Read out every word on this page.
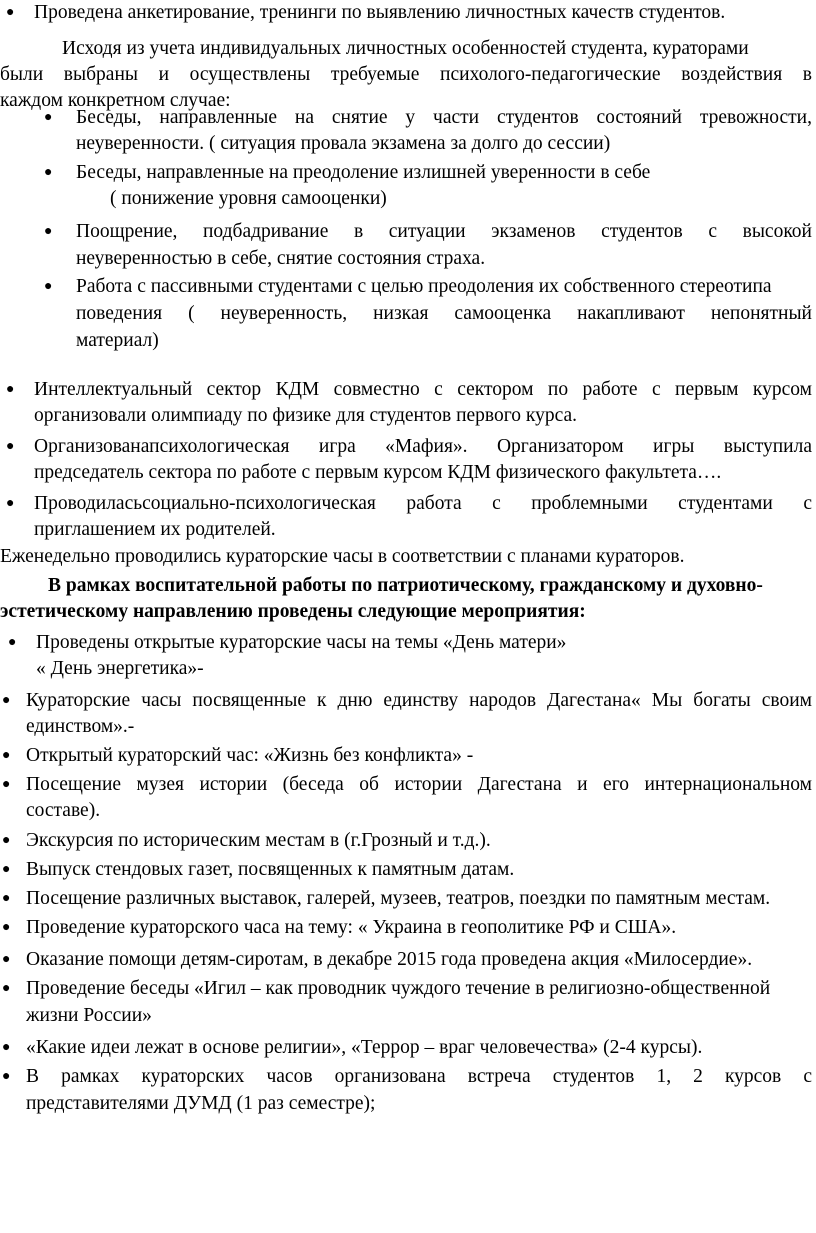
● Проведена анкетирование, тренинги по выявлению личностных качеств студентов.
Исходя из учета индивидуальных личностных особенностей студента, кураторами
были выбраны и осуществлены требуемые психолого-педагогические воздействия в
каждом конкретном случае:
● Беседы, направленные на снятие у части студентов состояний тревожности,
неуверенности. ( ситуация провала экзамена за долго до сессии)
● Беседы, направленные на преодоление излишней уверенности в себе
( понижение уровня самооценки)
● Поощрение, подбадривание в ситуации экзаменов студентов с высокой
неуверенностью в себе, снятие состояния страха.
● Работа с пассивными студентами с целью преодоления их собственного стереотипа
поведения ( неуверенность, низкая самооценка накапливают непонятный
материал)
● Интеллектуальный сектор КДМ совместно с сектором по работе с первым курсом
организовали олимпиаду по физике для студентов первого курса.
● Организованапсихологическая игра «Мафия». Организатором игры выступила
председатель сектора по работе с первым курсом КДМ физического факультета….
● Проводиласьсоциально-психологическая работа с проблемными студентами с
приглашением их родителей.
Еженедельно проводились кураторские часы в соответствии с планами кураторов.
В рамках воспитательной работы по патриотическому, гражданскому и духовно-
эстетическому направлению проведены следующие мероприятия:
● Проведены открытые кураторские часы на темы «День матери»
« День энергетика»-
● Кураторские часы посвященные к дню единству народов Дагестана« Мы богаты своим
единством».-
● Открытый кураторский час: «Жизнь без конфликта» -
● Посещение музея истории (беседа об истории Дагестана и его интернациональном
составе).
● Экскурсия по историческим местам в (г.Грозный и т.д.).
● Выпуск стендовых газет, посвященных к памятным датам.
● Посещение различных выставок, галерей, музеев, театров, поездки по памятным местам.
● Проведение кураторского часа на тему: « Украина в геополитике РФ и США».
● Оказание помощи детям-сиротам, в декабре 2015 года проведена акция «Милосердие».
● Проведение беседы «Игил – как проводник чуждого течение в религиозно-общественной
жизни России»
● «Какие идеи лежат в основе религии», «Террор – враг человечества» (2-4 курсы).
● В рамках кураторских часов организована встреча студентов 1, 2 курсов с
представителями ДУМД (1 раз семестре);
